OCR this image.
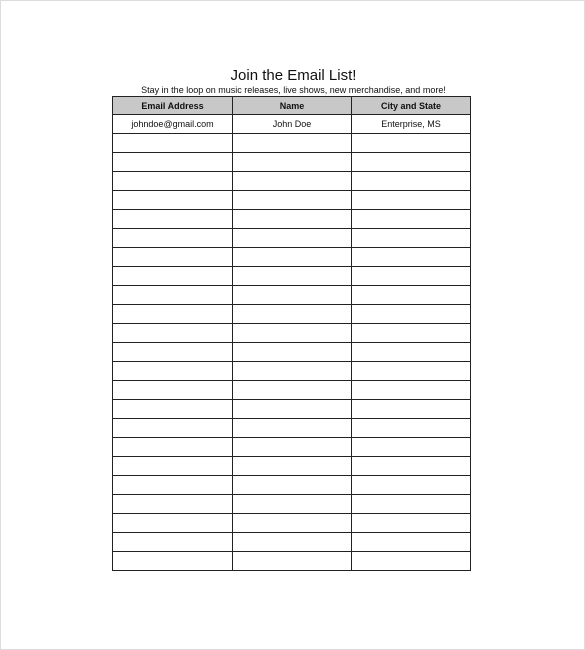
Join the Email List!
Stay in the loop on music releases, live shows, new merchandise, and more!
Email Address	Name	City and State
johndoe@gmail.com	John Doe	Enterprise, MS
